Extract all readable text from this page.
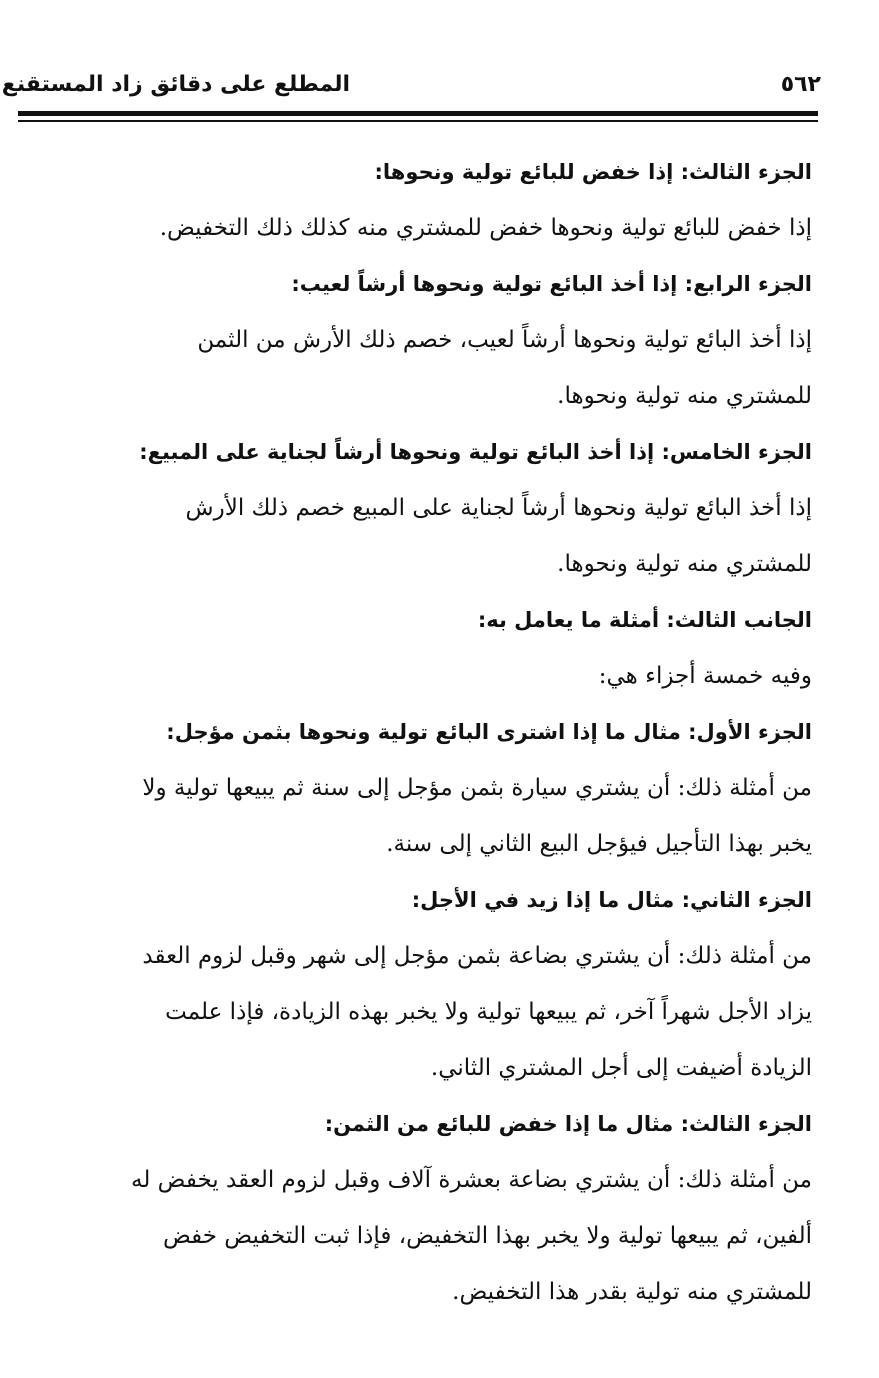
المطلع على دقائق زاد المستقنع	٥٦٢
الجزء الثالث: إذا خفض للبائع تولية ونحوها:
إذا خفض للبائع تولية ونحوها خفض للمشتري منه كذلك ذلك التخفيض.
الجزء الرابع: إذا أخذ البائع تولية ونحوها أرشاً لعيب:
إذا أخذ البائع تولية ونحوها أرشاً لعيب، خصم ذلك الأرش من الثمن
للمشتري منه تولية ونحوها.
الجزء الخامس: إذا أخذ البائع تولية ونحوها أرشاً لجناية على المبيع:
إذا أخذ البائع تولية ونحوها أرشاً لجناية على المبيع خصم ذلك الأرش
للمشتري منه تولية ونحوها.
الجانب الثالث: أمثلة ما يعامل به:
وفيه خمسة أجزاء هي:
الجزء الأول: مثال ما إذا اشترى البائع تولية ونحوها بثمن مؤجل:
من أمثلة ذلك: أن يشتري سيارة بثمن مؤجل إلى سنة ثم يبيعها تولية ولا
يخبر بهذا التأجيل فيؤجل البيع الثاني إلى سنة.
الجزء الثاني: مثال ما إذا زيد في الأجل:
من أمثلة ذلك: أن يشتري بضاعة بثمن مؤجل إلى شهر وقبل لزوم العقد
يزاد الأجل شهراً آخر، ثم يبيعها تولية ولا يخبر بهذه الزيادة، فإذا علمت
الزيادة أضيفت إلى أجل المشتري الثاني.
الجزء الثالث: مثال ما إذا خفض للبائع من الثمن:
من أمثلة ذلك: أن يشتري بضاعة بعشرة آلاف وقبل لزوم العقد يخفض له
ألفين، ثم يبيعها تولية ولا يخبر بهذا التخفيض، فإذا ثبت التخفيض خفض
للمشتري منه تولية بقدر هذا التخفيض.
